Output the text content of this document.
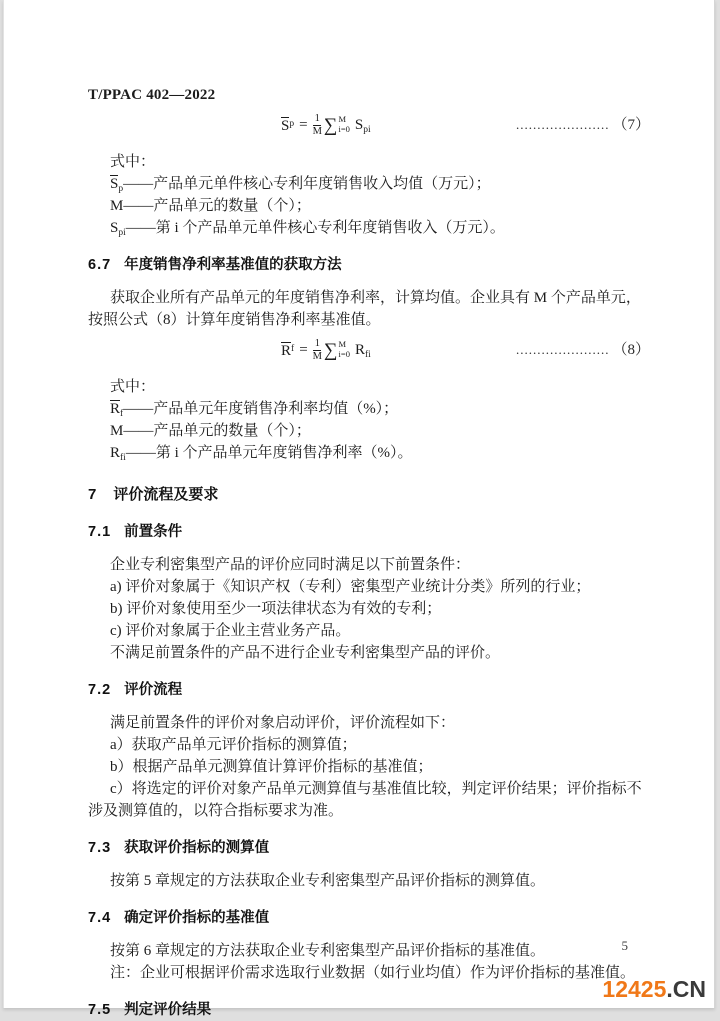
T/PPAC 402—2022
S $p = \frac{1}{M}$ ∑ M
i=0 $S_{pi}$	...................... （7）
式中：
$S_p——$产品单元单件核心专利年度销售收入均值（万元）；
M——产品单元的数量（个）；
$S_{pi}——$第 i 个产品单元单件核心专利年度销售收入（万元）。
6.7 年度销售净利率基准值的获取方法
获取企业所有产品单元的年度销售净利率，计算均值。企业具有 M 个产品单元，按照公式（8）计算年度销售净利率基准值。
R $f = \frac{1}{M}$ ∑ M
i=0 $R_{fi}$	...................... （8）
式中：
$R_f——$产品单元年度销售净利率均值（%）；
M——产品单元的数量（个）；
$R_{fi}——$第 i 个产品单元年度销售净利率（%）。
7 评价流程及要求
7.1 前置条件
企业专利密集型产品的评价应同时满足以下前置条件：
a) 评价对象属于《知识产权（专利）密集型产业统计分类》所列的行业；
b) 评价对象使用至少一项法律状态为有效的专利；
c) 评价对象属于企业主营业务产品。
不满足前置条件的产品不进行企业专利密集型产品的评价。
7.2 评价流程
满足前置条件的评价对象启动评价，评价流程如下：
a）获取产品单元评价指标的测算值；
b）根据产品单元测算值计算评价指标的基准值；
c）将选定的评价对象产品单元测算值与基准值比较，判定评价结果；评价指标不涉及测算值的，以符合指标要求为准。
7.3 获取评价指标的测算值
按第 5 章规定的方法获取企业专利密集型产品评价指标的测算值。
7.4 确定评价指标的基准值
按第 6 章规定的方法获取企业专利密集型产品评价指标的基准值。
注：企业可根据评价需求选取行业数据（如行业均值）作为评价指标的基准值。
7.5 判定评价结果
5
12425.CN
